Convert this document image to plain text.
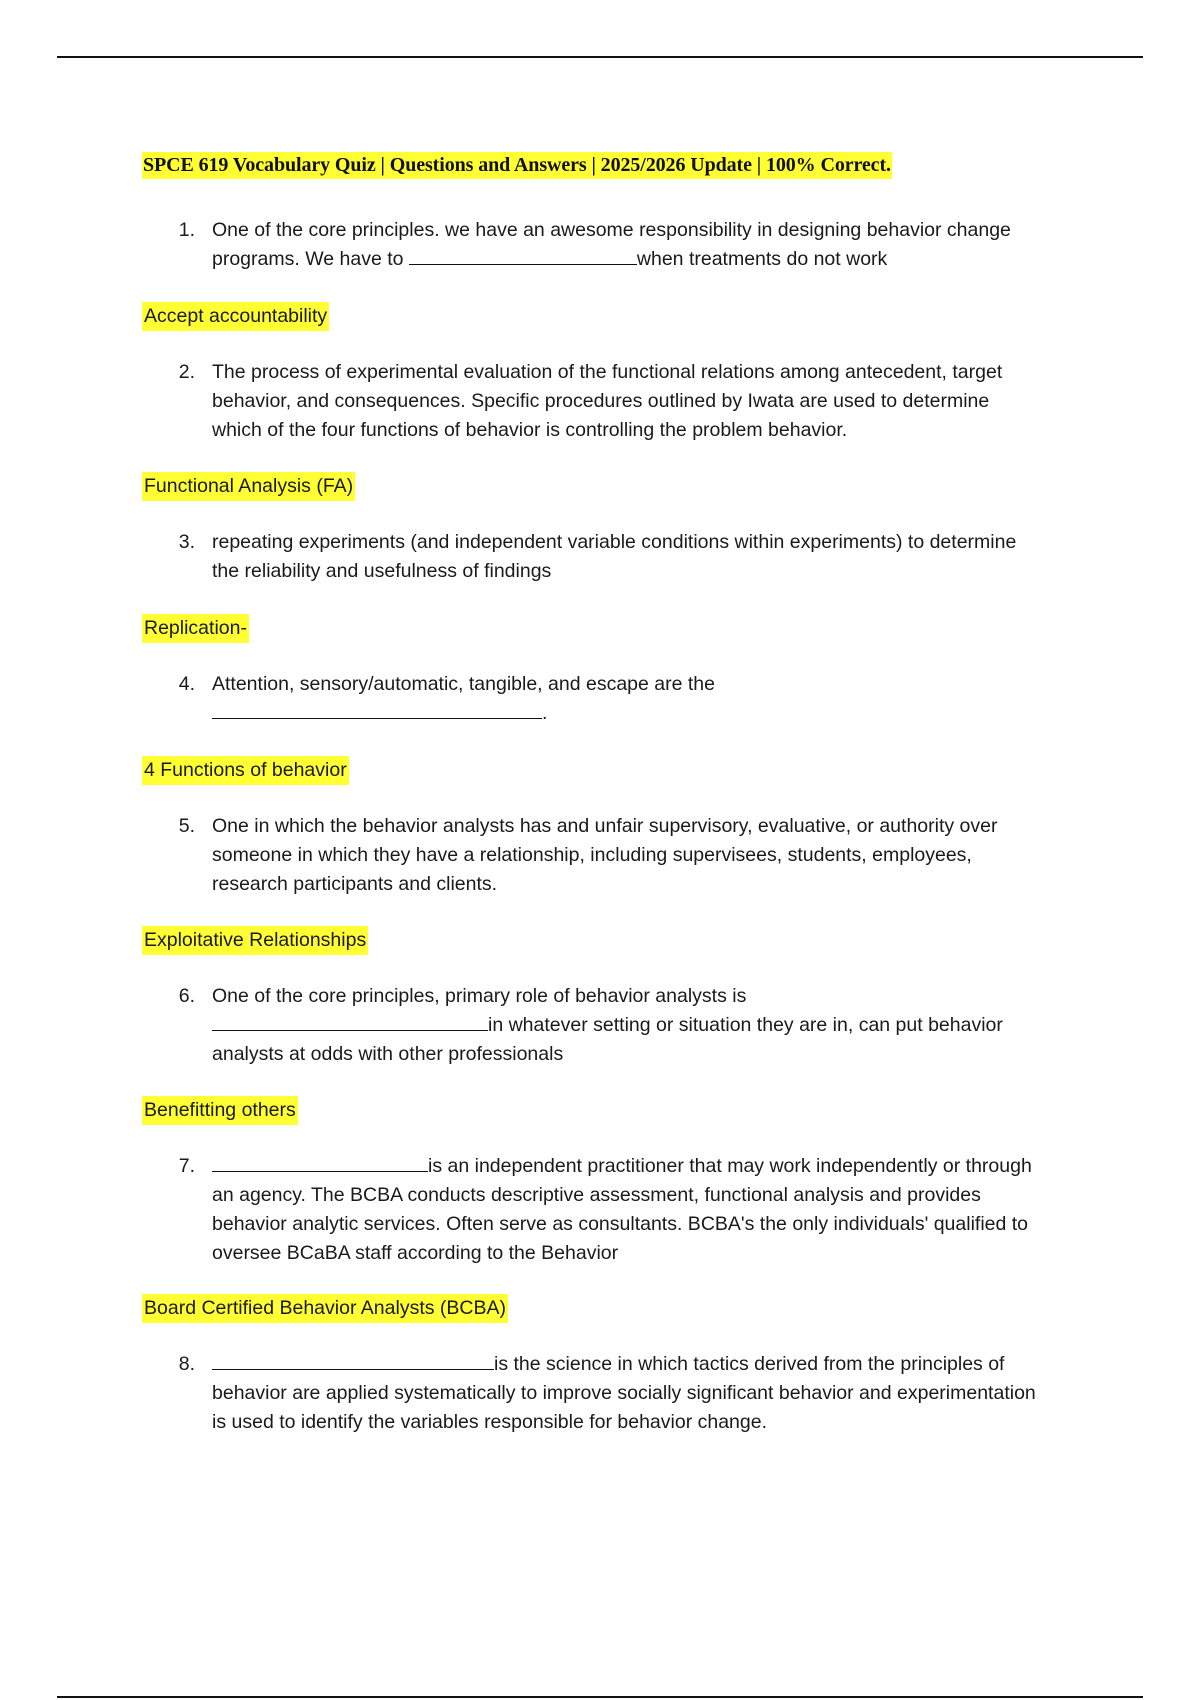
SPCE 619 Vocabulary Quiz | Questions and Answers | 2025/2026 Update | 100% Correct.
1. One of the core principles. we have an awesome responsibility in designing behavior change programs. We have to	when treatments do not work
Accept accountability
2. The process of experimental evaluation of the functional relations among antecedent, target behavior, and consequences. Specific procedures outlined by Iwata are used to determine which of the four functions of behavior is controlling the problem behavior.
Functional Analysis (FA)
3. repeating experiments (and independent variable conditions within experiments) to determine the reliability and usefulness of findings
Replication-
4. Attention, sensory/automatic, tangible, and escape are the
.
4 Functions of behavior
5. One in which the behavior analysts has and unfair supervisory, evaluative, or authority over someone in which they have a relationship, including supervisees, students, employees, research participants and clients.
Exploitative Relationships
6. One of the core principles, primary role of behavior analysts is
in whatever setting or situation they are in, can put behavior analysts at odds with other professionals
Benefitting others
7.	is an independent practitioner that may work independently or through an agency. The BCBA conducts descriptive assessment, functional analysis and provides behavior analytic services. Often serve as consultants. BCBA's the only individuals' qualified to oversee BCaBA staff according to the Behavior
Board Certified Behavior Analysts (BCBA)
8.	is the science in which tactics derived from the principles of behavior are applied systematically to improve socially significant behavior and experimentation is used to identify the variables responsible for behavior change.
